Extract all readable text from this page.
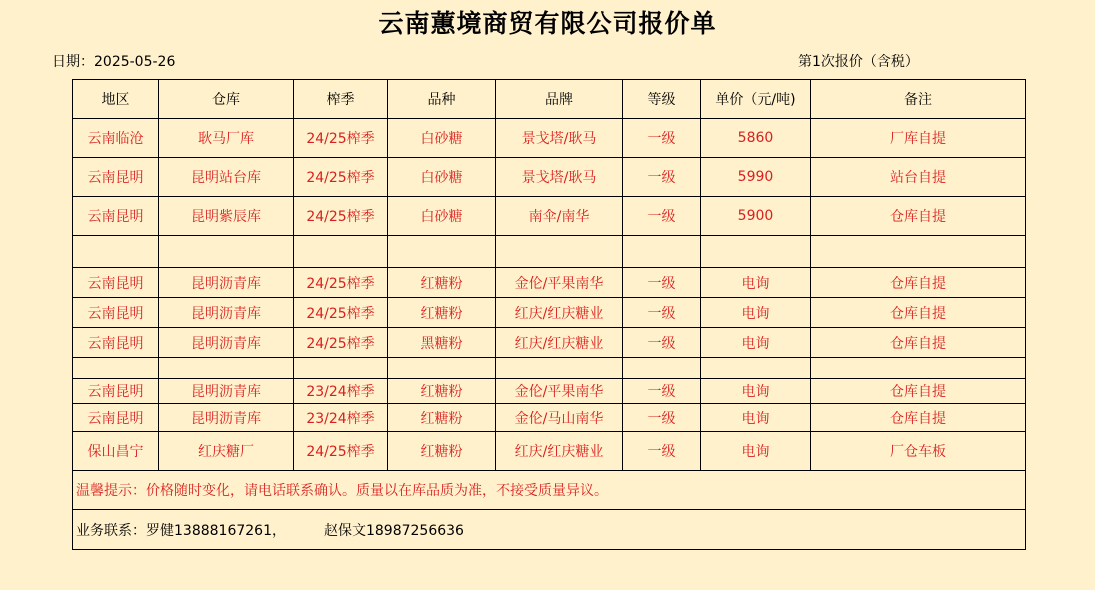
云南蕙境商贸有限公司报价单
日期：2025-05-26	第1次报价（含税）
地区	仓库	榨季	品种	品牌	等级	单价（元/吨)	备注
云南临沧	耿马厂库	24/25榨季	白砂糖	景戈塔/耿马	一级	5860	厂库自提
云南昆明	昆明站台库	24/25榨季	白砂糖	景戈塔/耿马	一级	5990	站台自提
云南昆明	昆明紫辰库	24/25榨季	白砂糖	南伞/南华	一级	5900	仓库自提

云南昆明	昆明沥青库	24/25榨季	红糖粉	金伦/平果南华	一级	电询	仓库自提
云南昆明	昆明沥青库	24/25榨季	红糖粉	红庆/红庆糖业	一级	电询	仓库自提
云南昆明	昆明沥青库	24/25榨季	黑糖粉	红庆/红庆糖业	一级	电询	仓库自提

云南昆明	昆明沥青库	23/24榨季	红糖粉	金伦/平果南华	一级	电询	仓库自提
云南昆明	昆明沥青库	23/24榨季	红糖粉	金伦/马山南华	一级	电询	仓库自提
保山昌宁	红庆糖厂	24/25榨季	红糖粉	红庆/红庆糖业	一级	电询	厂仓车板
温馨提示：价格随时变化，请电话联系确认。质量以在库品质为准，不接受质量异议。							
业务联系：罗健13888167261， 赵保文18987256636							
